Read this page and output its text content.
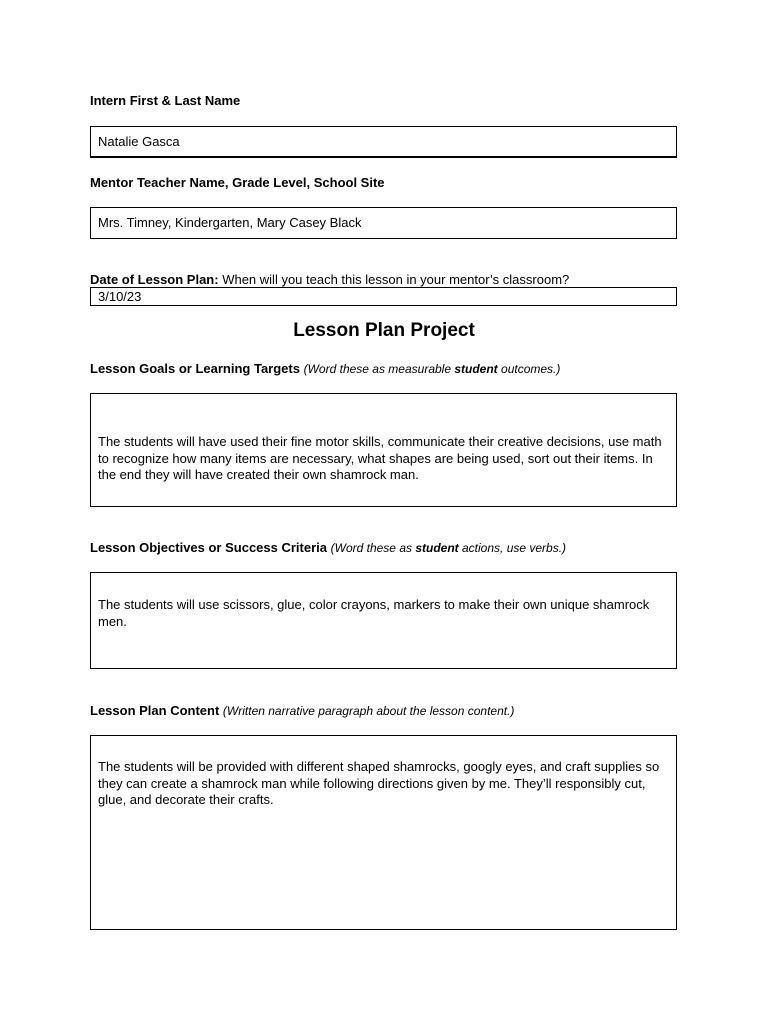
Intern First & Last Name
Natalie Gasca
Mentor Teacher Name, Grade Level, School Site
Mrs. Timney, Kindergarten, Mary Casey Black
Date of Lesson Plan: When will you teach this lesson in your mentor’s classroom?
3/10/23
Lesson Plan Project
Lesson Goals or Learning Targets (Word these as measurable student outcomes.)
The students will have used their fine motor skills, communicate their creative decisions, use math to recognize how many items are necessary, what shapes are being used, sort out their items. In the end they will have created their own shamrock man.
Lesson Objectives or Success Criteria (Word these as student actions, use verbs.)
The students will use scissors, glue, color crayons, markers to make their own unique shamrock men.
Lesson Plan Content (Written narrative paragraph about the lesson content.)
The students will be provided with different shaped shamrocks, googly eyes, and craft supplies so they can create a shamrock man while following directions given by me. They’ll responsibly cut, glue, and decorate their crafts.
